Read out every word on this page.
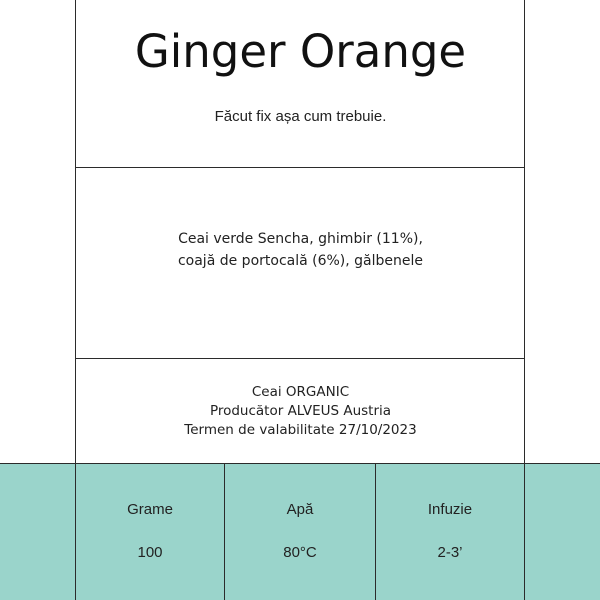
Ginger Orange
Făcut fix așa cum trebuie.
Ceai verde Sencha, ghimbir (11%),
coajă de portocală (6%), gălbenele
Ceai ORGANIC
Producător ALVEUS Austria
Termen de valabilitate 27/10/2023
Grame
100
Apă
80°C
Infuzie
2-3’
